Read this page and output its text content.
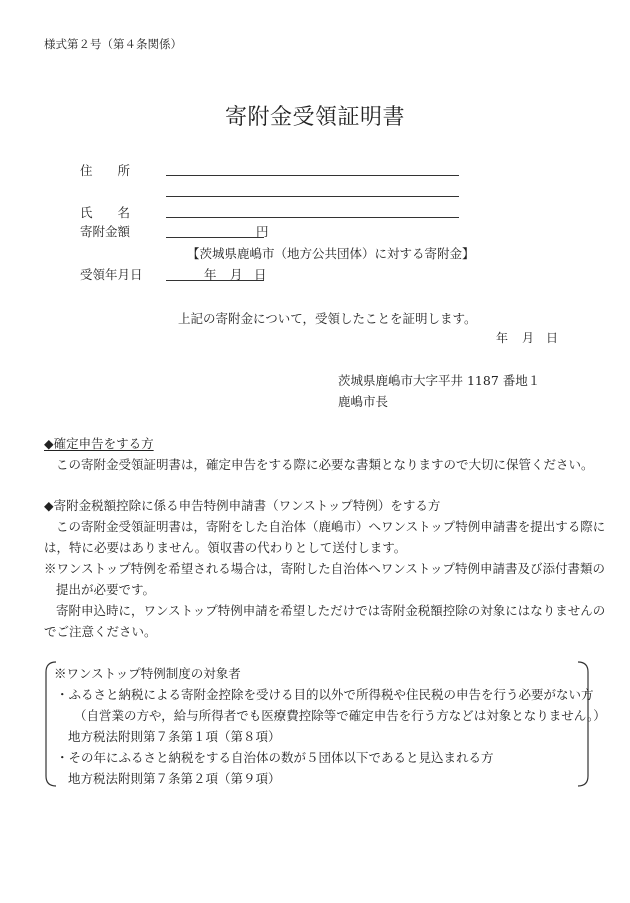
様式第２号（第４条関係）
寄附金受領証明書
住　　所
氏　　名
寄附金額	円
【茨城県鹿嶋市（地方公共団体）に対する寄附金】
受領年月日	年 月 日
上記の寄附金について，受領したことを証明します。
年 月 日
茨城県鹿嶋市大字平井 1187 番地１
鹿嶋市長
◆確定申告をする方
この寄附金受領証明書は，確定申告をする際に必要な書類となりますので大切に保管ください。
◆寄附金税額控除に係る申告特例申請書（ワンストップ特例）をする方
この寄附金受領証明書は，寄附をした自治体（鹿嶋市）へワンストップ特例申請書を提出する際に
は，特に必要はありません。領収書の代わりとして送付します。
※ワンストップ特例を希望される場合は，寄附した自治体へワンストップ特例申請書及び添付書類の
提出が必要です。
寄附申込時に，ワンストップ特例申請を希望しただけでは寄附金税額控除の対象にはなりませんの
でご注意ください。
※ワンストップ特例制度の対象者
・ふるさと納税による寄附金控除を受ける目的以外で所得税や住民税の申告を行う必要がない方
（自営業の方や，給与所得者でも医療費控除等で確定申告を行う方などは対象となりません。）
地方税法附則第７条第１項（第８項）
・その年にふるさと納税をする自治体の数が５団体以下であると見込まれる方
地方税法附則第７条第２項（第９項）
